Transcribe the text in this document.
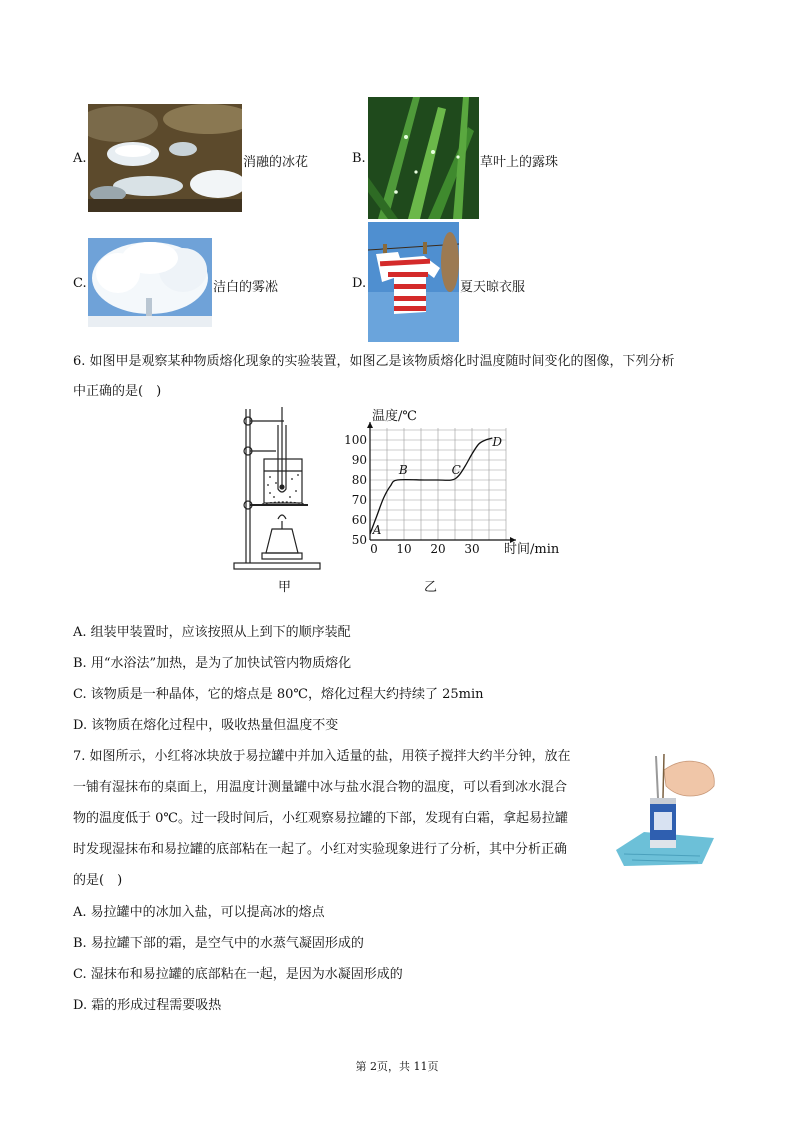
A.	消融的冰花	B.	草叶上的露珠
C.	洁白的雾凇	D.	夏天晾衣服
6. 如图甲是观察某种物质熔化现象的实验装置，如图乙是该物质熔化时温度随时间变化的图像，下列分析
中正确的是( )
甲
50
60
70
80
90
100
0 10 20 30
A
B	C
D
温度/℃
时间/min
乙
A. 组装甲装置时，应该按照从上到下的顺序装配
B. 用“水浴法”加热，是为了加快试管内物质熔化
C. 该物质是一种晶体，它的熔点是 80℃，熔化过程大约持续了 25min
D. 该物质在熔化过程中，吸收热量但温度不变
7. 如图所示，小红将冰块放于易拉罐中并加入适量的盐，用筷子搅拌大约半分钟，放在
一铺有湿抹布的桌面上，用温度计测量罐中冰与盐水混合物的温度，可以看到冰水混合
物的温度低于 0℃。过一段时间后，小红观察易拉罐的下部，发现有白霜，拿起易拉罐
时发现湿抹布和易拉罐的底部粘在一起了。小红对实验现象进行了分析，其中分析正确
的是( )
A. 易拉罐中的冰加入盐，可以提高冰的熔点
B. 易拉罐下部的霜，是空气中的水蒸气凝固形成的
C. 湿抹布和易拉罐的底部粘在一起，是因为水凝固形成的
D. 霜的形成过程需要吸热
第 2页，共 11页
